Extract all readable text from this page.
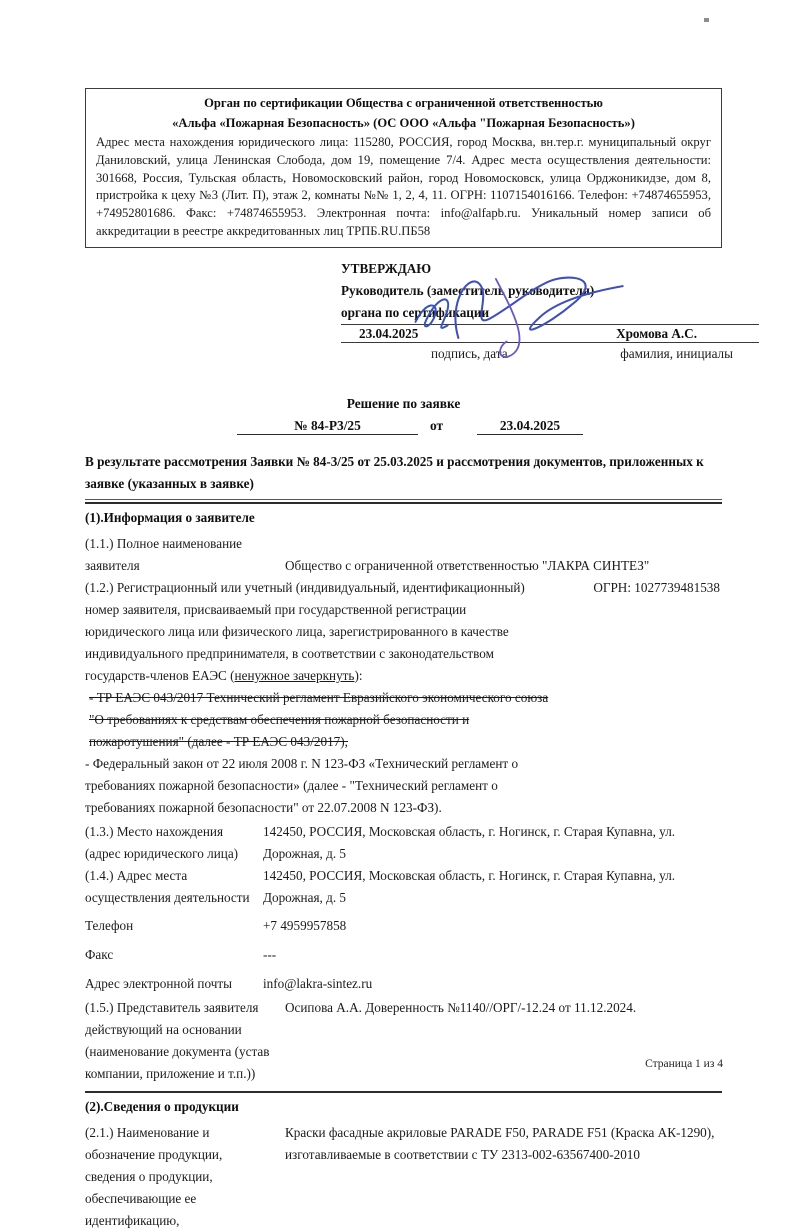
Орган по сертификации Общества с ограниченной ответственностью
«Альфа «Пожарная Безопасность» (ОС ООО «Альфа "Пожарная Безопасность»)
Адрес места нахождения юридического лица: 115280, РОССИЯ, город Москва, вн.тер.г. муниципальный округ Даниловский, улица Ленинская Слобода, дом 19, помещение 7/4. Адрес места осуществления деятельности: 301668, Россия, Тульская область, Новомосковский район, город Новомосковск, улица Орджоникидзе, дом 8, пристройка к цеху №3 (Лит. П), этаж 2, комнаты №№ 1, 2, 4, 11. ОГРН: 1107154016166. Телефон: +74874655953, +74952801686. Факс: +74874655953. Электронная почта: info@alfapb.ru. Уникальный номер записи об аккредитации в реестре аккредитованных лиц ТРПБ.RU.ПБ58
УТВЕРЖДАЮ
Руководитель (заместитель руководителя)
органа по сертификации
23.04.2025	Хромова А.С.
подпись, дата	фамилия, инициалы
Решение по заявке
№ 84-Р3/25	от	23.04.2025

В результате рассмотрения Заявки № 84-3/25 от 25.03.2025 и рассмотрения документов, приложенных к заявке (указанных в заявке)

(1).Информация о заявителе
(1.1.) Полное наименование заявителя	Общество с ограниченной ответственностью "ЛАКРА СИНТЕЗ"
(1.2.) Регистрационный или учетный (индивидуальный, идентификационный) номер заявителя, присваиваемый при государственной регистрации юридического лица или физического лица, зарегистрированного в качестве индивидуального предпринимателя, в соответствии с законодательством государств-членов ЕАЭС (ненужное зачеркнуть):
ОГРН: 1027739481538

- ТР ЕАЭС 043/2017 Технический регламент Евразийского экономического союза "О требованиях к средствам обеспечения пожарной безопасности и пожаротушения" (далее - ТР ЕАЭС 043/2017),

- Федеральный закон от 22 июля 2008 г. N 123-ФЗ «Технический регламент о требованиях пожарной безопасности» (далее - "Технический регламент о требованиях пожарной безопасности" от 22.07.2008 N 123-ФЗ).

(1.3.) Место нахождения (адрес юридического лица)
142450, РОССИЯ, Московская область, г. Ногинск, г. Старая Купавна, ул. Дорожная, д. 5
(1.4.) Адрес места осуществления деятельности
142450, РОССИЯ, Московская область, г. Ногинск, г. Старая Купавна, ул. Дорожная, д. 5
Телефон	+7 4959957858
Факс	---
Адрес электронной почты	info@lakra-sintez.ru
(1.5.) Представитель заявителя действующий на основании (наименование документа (устав компании, приложение и т.п.))
Осипова А.А. Доверенность №1140//ОРГ/-12.24 от 11.12.2024.
(2).Сведения о продукции
(2.1.) Наименование и обозначение продукции, сведения о продукции, обеспечивающие ее идентификацию,
Краски фасадные акриловые PARADE F50, PARADE F51 (Краска АК-1290), изготавливаемые в соответствии с ТУ 2313-002-63567400-2010
Страница 1 из 4
